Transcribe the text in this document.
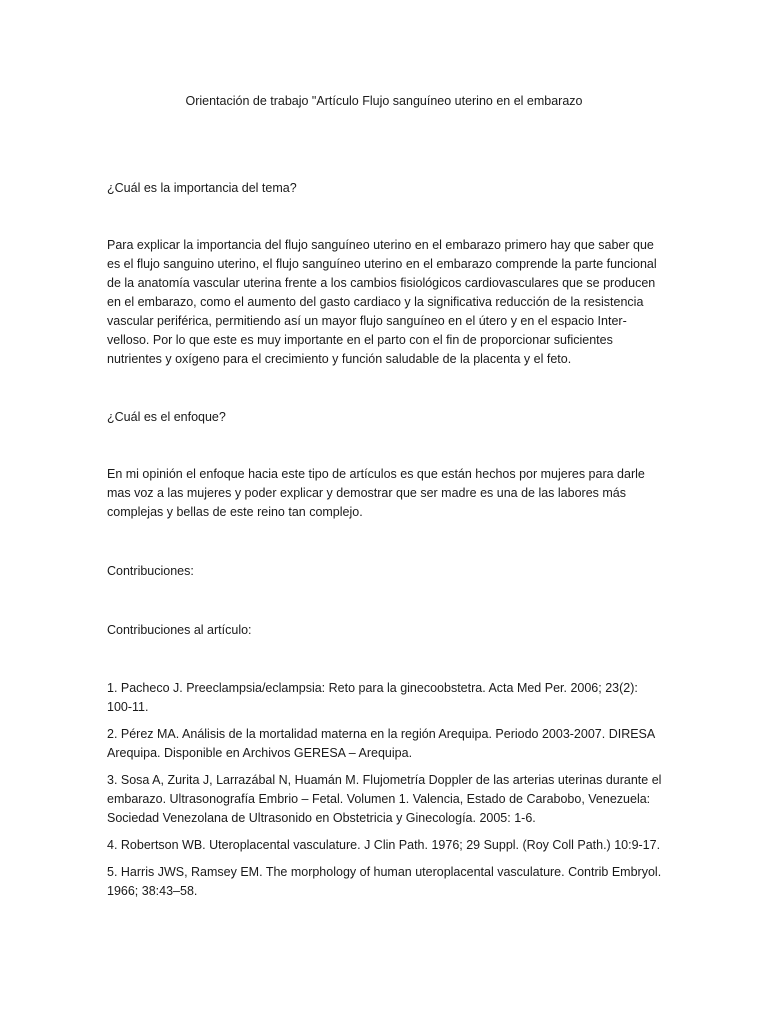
Orientación de trabajo "Artículo Flujo sanguíneo uterino en el embarazo

¿Cuál es la importancia del tema?

Para explicar la importancia del flujo sanguíneo uterino en el embarazo primero hay que saber que es el flujo sanguino uterino, el flujo sanguíneo uterino en el embarazo comprende la parte funcional de la anatomía vascular uterina frente a los cambios fisiológicos cardiovasculares que se producen en el embarazo, como el aumento del gasto cardiaco y la significativa reducción de la resistencia vascular periférica, permitiendo así un mayor flujo sanguíneo en el útero y en el espacio Inter-velloso. Por lo que este es muy importante en el parto con el fin de proporcionar suficientes nutrientes y oxígeno para el crecimiento y función saludable de la placenta y el feto.

¿Cuál es el enfoque?

En mi opinión el enfoque hacia este tipo de artículos es que están hechos por mujeres para darle mas voz a las mujeres y poder explicar y demostrar que ser madre es una de las labores más complejas y bellas de este reino tan complejo.

Contribuciones:

Contribuciones al artículo:

1. Pacheco J. Preeclampsia/eclampsia: Reto para la ginecoobstetra. Acta Med Per. 2006; 23(2): 100-11.
2. Pérez MA. Análisis de la mortalidad materna en la región Arequipa. Periodo 2003-2007. DIRESA Arequipa. Disponible en Archivos GERESA – Arequipa.
3. Sosa A, Zurita J, Larrazábal N, Huamán M. Flujometría Doppler de las arterias uterinas durante el embarazo. Ultrasonografía Embrio – Fetal. Volumen 1. Valencia, Estado de Carabobo, Venezuela: Sociedad Venezolana de Ultrasonido en Obstetricia y Ginecología. 2005: 1-6.
4. Robertson WB. Uteroplacental vasculature. J Clin Path. 1976; 29 Suppl. (Roy Coll Path.) 10:9-17.
5. Harris JWS, Ramsey EM. The morphology of human uteroplacental vasculature. Contrib Embryol. 1966; 38:43–58.
